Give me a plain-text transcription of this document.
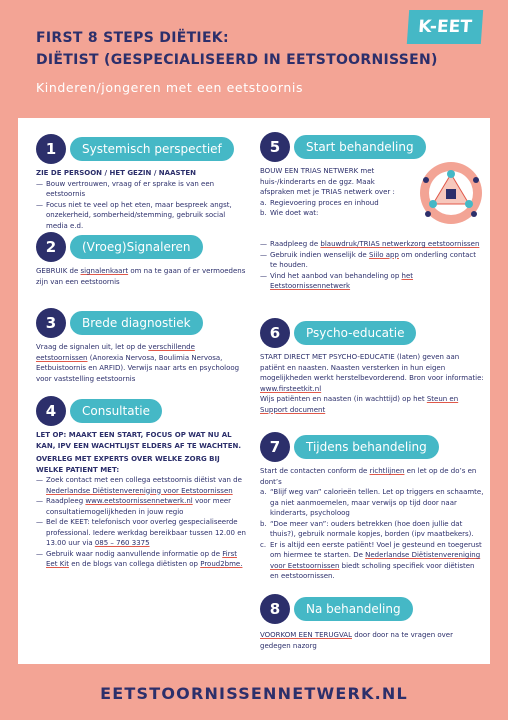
FIRST 8 STEPS DIËTIEK:
DIËTIST (GESPECIALISEERD IN EETSTOORNISSEN)
Kinderen/jongeren met een eetstoornis
K-EET
1	Systemisch perspectief
ZIE DE PERSOON / HET GEZIN / NAASTEN
— Bouw vertrouwen, vraag of er sprake is van een eetstoornis
— Focus niet te veel op het eten, maar bespreek angst, onzekerheid, somberheid/stemming, gebruik social media e.d.
2	(Vroeg)Signaleren
GEBRUIK de signalenkaart om na te gaan of er vermoedens zijn van een eetstoornis
3	Brede diagnostiek
Vraag de signalen uit, let op de verschillende eetstoornissen (Anorexia Nervosa, Boulimia Nervosa, Eetbuistoornis en ARFID). Verwijs naar arts en psycholoog voor vaststelling eetstoornis
4	Consultatie
LET OP: MAAKT EEN START, FOCUS OP WAT NU AL KAN, IPV EEN WACHTLIJST ELDERS AF TE WACHTEN.
OVERLEG MET EXPERTS OVER WELKE ZORG BIJ WELKE PATIENT MET:
— Zoek contact met een collega eetstoornis diëtist van de Nederlandse Diëtistenvereniging voor Eetstoornissen
— Raadpleeg www.eetstoornissennetwerk.nl voor meer consultatiemogelijkheden in jouw regio
— Bel de KEET: telefonisch voor overleg gespecialiseerde professional. Iedere werkdag bereikbaar tussen 12.00 en 13.00 uur via 085 – 760 3375
— Gebruik waar nodig aanvullende informatie op de First Eet Kit en de blogs van collega diëtisten op Proud2bme.
5	Start behandeling
BOUW EEN TRIAS NETWERK met huis-/kinderarts en de ggz. Maak afspraken met je TRIAS netwerk over :
a. Regievoering proces en inhoud
b. Wie doet wat:
— Raadpleeg de blauwdruk/TRIAS netwerkzorg eetstoornissen
— Gebruik indien wenselijk de Siilo app om onderling contact te houden.
— Vind het aanbod van behandeling op het Eetstoornissennetwerk
6	Psycho-educatie
START DIRECT MET PSYCHO-EDUCATIE (laten) geven aan patiënt en naasten. Naasten versterken in hun eigen mogelijkheden werkt herstelbevorderend. Bron voor informatie:
www.firsteetkit.nl
Wijs patiënten en naasten (in wachttijd) op het Steun en Support document
7	Tijdens behandeling
Start de contacten conform de richtlijnen en let op de do’s en dont’s
a. “Blijf weg van” calorieën tellen. Let op triggers en schaamte, ga niet aanmoemelen, maar verwijs op tijd door naar kinderarts, psycholoog
b. “Doe meer van”: ouders betrekken (hoe doen jullie dat thuis?), gebruik normale kopjes, borden (ipv maatbekers).
c. Er is altijd een eerste patiënt! Voel je gesteund en toegerust om hiermee te starten. De Nederlandse Diëtistenvereniging voor Eetstoornissen biedt scholing specifiek voor diëtisten en eetstoornissen.
8	Na behandeling
VOORKOM EEN TERUGVAL door door na te vragen over gedegen nazorg
EETSTOORNISSENNETWERK.NL
